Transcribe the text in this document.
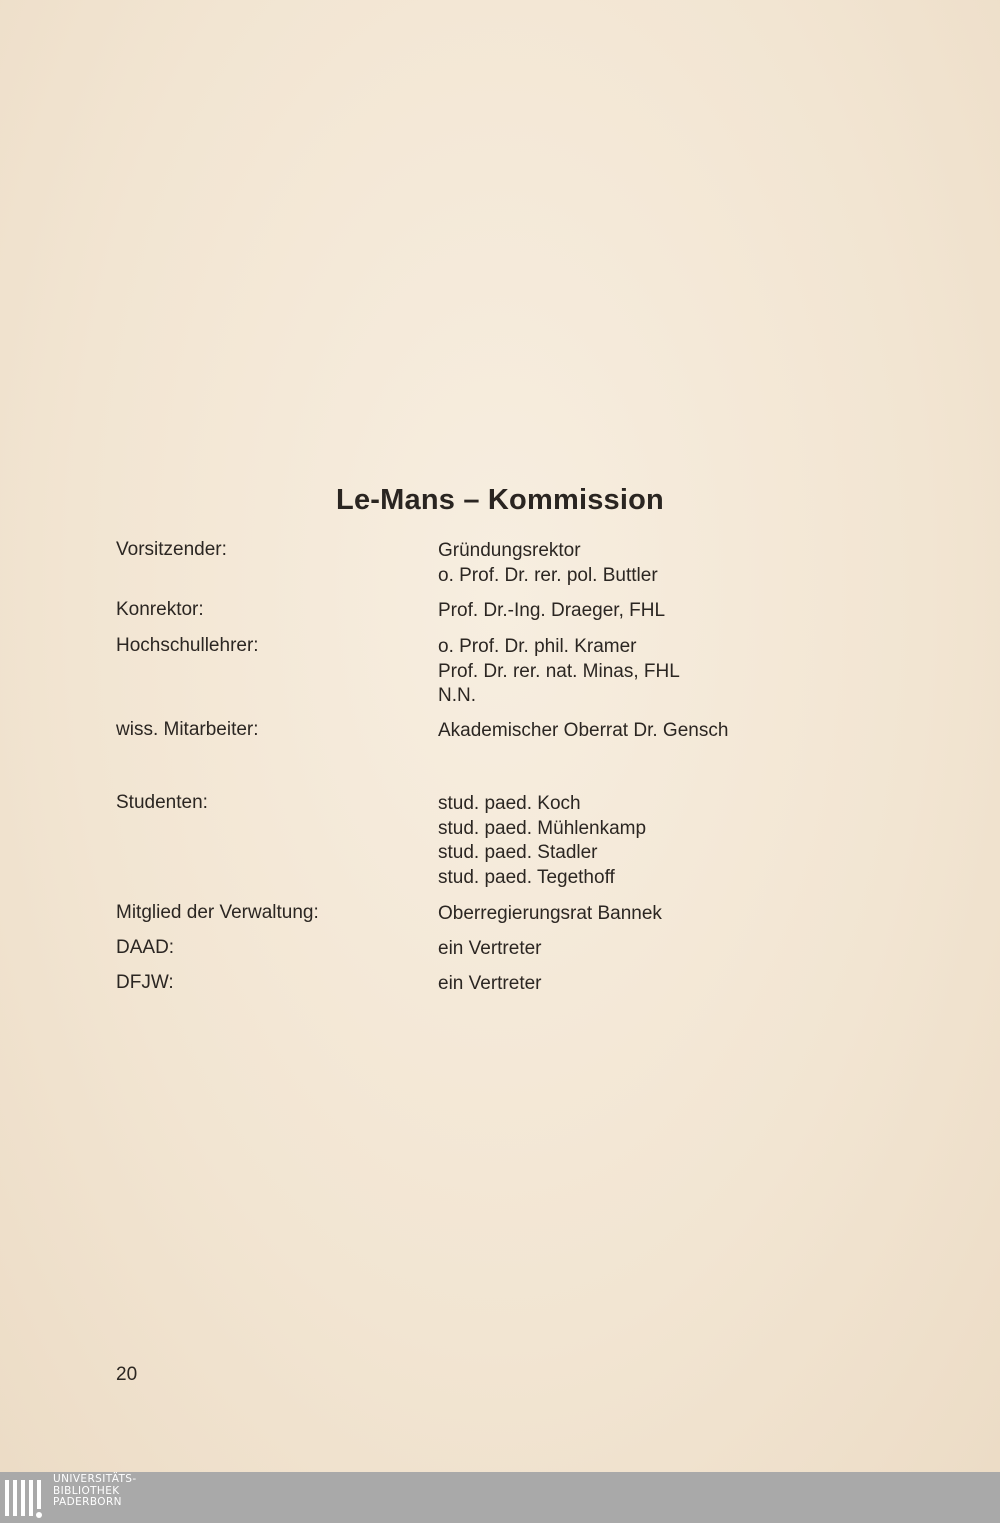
Le-Mans – Kommission
Vorsitzender:	Gründungsrektor
o. Prof. Dr. rer. pol. Buttler
Konrektor:	Prof. Dr.-Ing. Draeger, FHL
Hochschullehrer:	o. Prof. Dr. phil. Kramer
Prof. Dr. rer. nat. Minas, FHL
N.N.
wiss. Mitarbeiter:	Akademischer Oberrat Dr. Gensch
Studenten:	stud. paed. Koch
stud. paed. Mühlenkamp
stud. paed. Stadler
stud. paed. Tegethoff
Mitglied der Verwaltung:	Oberregierungsrat Bannek
DAAD:	ein Vertreter
DFJW:	ein Vertreter
20
UNIVERSITÄTS-
BIBLIOTHEK
PADERBORN
